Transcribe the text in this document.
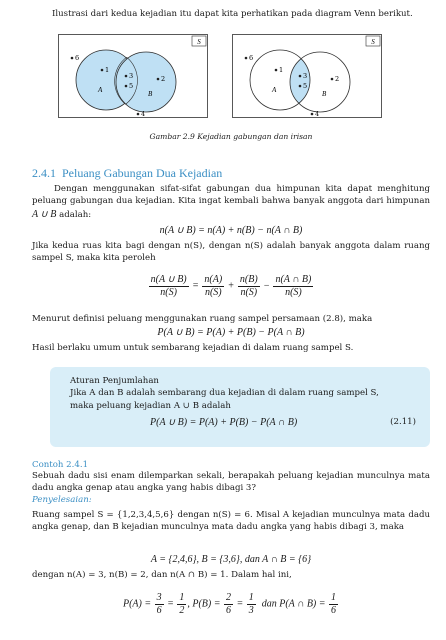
Ilustrasi dari kedua kejadian itu dapat kita perhatikan pada diagram Venn berikut.
S
A	B
1
3
5
2
4
6
S
A	B
1
3
5
2
4
6
Gambar 2.9 Kejadian gabungan dan irisan
2.4.1 Peluang Gabungan Dua Kejadian
Dengan menggunakan sifat-sifat gabungan dua himpunan kita dapat menghitung peluang gabungan dua kejadian. Kita ingat kembali bahwa banyak anggota dari himpunan A ∪ B adalah:
n(A ∪ B) = n(A) + n(B) − n(A ∩ B)
Jika kedua ruas kita bagi dengan n(S), dengan n(S) adalah banyak anggota dalam ruang sampel S, maka kita peroleh
$\frac{n(A \cup B)}{n(S)} = \frac{n(A)}{n(S)} + \frac{n(B)}{n(S)} - \frac{n(A \cap B)}{n(S)}$
Menurut definisi peluang menggunakan ruang sampel persamaan (2.8), maka
P(A ∪ B) = P(A) + P(B) − P(A ∩ B)
Hasil berlaku umum untuk sembarang kejadian di dalam ruang sampel S.
Aturan Penjumlahan
Jika A dan B adalah sembarang dua kejadian di dalam ruang sampel S,
maka peluang kejadian A ∪ B adalah
P(A ∪ B) = P(A) + P(B) − P(A ∩ B)	(2.11)
Contoh 2.4.1
Sebuah dadu sisi enam dilemparkan sekali, berapakah peluang kejadian munculnya mata dadu angka genap atau angka yang habis dibagi 3?
Penyelesaian:
Ruang sampel S = {1,2,3,4,5,6} dengan n(S) = 6. Misal A kejadian munculnya mata dadu angka genap, dan B kejadian munculnya mata dadu angka yang habis dibagi 3, maka
A = {2,4,6}, B = {3,6}, dan A ∩ B = {6}
dengan n(A) = 3, n(B) = 2, dan n(A ∩ B) = 1. Dalam hal ini,
$P(A) = \frac{3}{6} = \frac{1}{2}$ , $P(B) = \frac{2}{6} = \frac{1}{3}$ dan P(A ∩ $B) = \frac{1}{6}$
